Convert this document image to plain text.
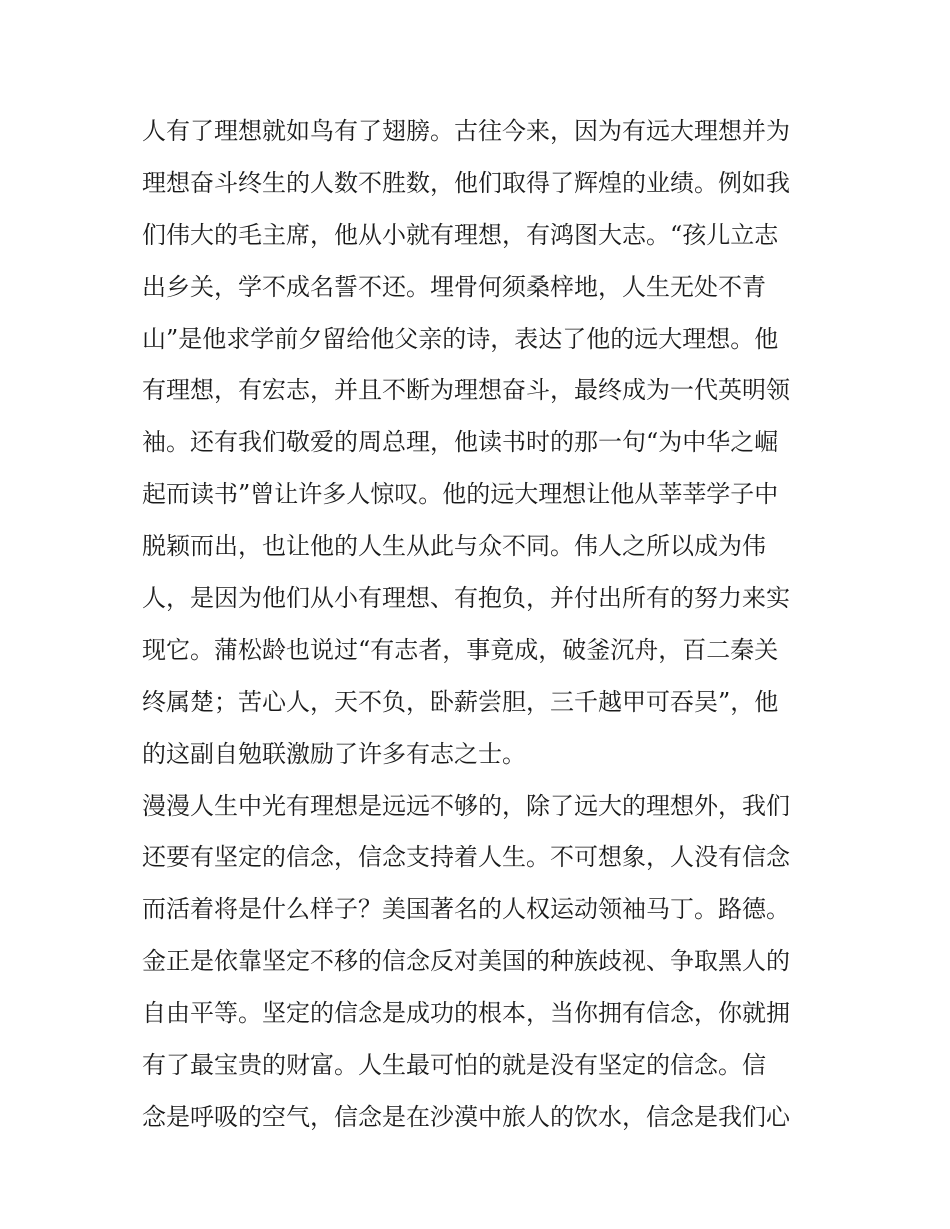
人有了理想就如鸟有了翅膀。古往今来，因为有远大理想并为
理想奋斗终生的人数不胜数，他们取得了辉煌的业绩。例如我
们伟大的毛主席，他从小就有理想，有鸿图大志。“孩儿立志
出乡关，学不成名誓不还。埋骨何须桑梓地，人生无处不青
山”是他求学前夕留给他父亲的诗，表达了他的远大理想。他
有理想，有宏志，并且不断为理想奋斗，最终成为一代英明领
袖。还有我们敬爱的周总理，他读书时的那一句“为中华之崛
起而读书”曾让许多人惊叹。他的远大理想让他从莘莘学子中
脱颖而出，也让他的人生从此与众不同。伟人之所以成为伟
人，是因为他们从小有理想、有抱负，并付出所有的努力来实
现它。蒲松龄也说过“有志者，事竟成，破釜沉舟，百二秦关
终属楚；苦心人，天不负，卧薪尝胆，三千越甲可吞吴”，他
的这副自勉联激励了许多有志之士。
漫漫人生中光有理想是远远不够的，除了远大的理想外，我们
还要有坚定的信念，信念支持着人生。不可想象，人没有信念
而活着将是什么样子？美国著名的人权运动领袖马丁。路德。
金正是依靠坚定不移的信念反对美国的种族歧视、争取黑人的
自由平等。坚定的信念是成功的根本，当你拥有信念，你就拥
有了最宝贵的财富。人生最可怕的就是没有坚定的信念。信
念是呼吸的空气，信念是在沙漠中旅人的饮水，信念是我们心
